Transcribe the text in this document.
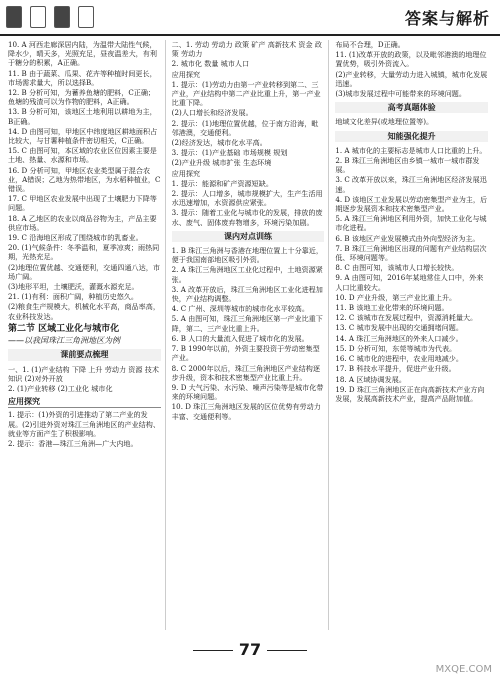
答案与解析

10. A 河西走廊深居内陆，为温带大陆性气候，降水少，晴天多，光照充足，昼夜温差大，有利于糖分的积累，A正确。

11. B 由于蔬菜、瓜果、花卉等种植时间更长，市场需求量大，所以选择B。

12. B 分析可知，为蓄养鱼塘的肥料，C正确；鱼塘的残渣可以为作物的肥料，A正确。

13. B 分析可知，该地区土地利用以耕地为主，B正确。

14. D 由图可知，甲地区中纬度地区耕地面积占比较大，与甘薯种植条件密切相关，C正确。

15. C 由图可知，本区域的农业区位因素主要是土地、热量、水源和市场。

16. D 分析可知，甲地区农业类型属于混合农业，A错误；乙地为热带地区，为水稻种植业，C错误。

17. C 甲地区农业发展中出现了土壤肥力下降等问题。

18. A 乙地区的农业以商品谷物为主，产品主要供应市场。

19. C 沿海地区形成了围绕城市的乳畜业。

20. (1)气候条件：冬季温和，夏季凉爽；雨热同期，光热充足。

(2)地理位置优越、交通便利，交通四通八达，市场广阔。

(3)地形平坦，土壤肥沃，灌溉水源充足。

21. (1)有利：面积广阔，种植历史悠久。

(2)粮食生产规模大，机械化水平高，商品率高，农业科技发达。

第二节 区域工业化与城市化
——以我国珠江三角洲地区为例
课前要点梳理

一、1. (1)产业结构 下降 上升 劳动力 资源 技术 知识 (2)对外开放

2. (1)产业转移 (2)工业化 城市化

应用探究

1. 提示：(1)外资的引进推动了第二产业的发展。(2)引进外资对珠江三角洲地区的产业结构、就业等方面产生了积极影响。

2. 提示：香港—珠江三角洲—广大内地。

二、1. 劳动 劳动力 政策 矿产 高新技术 资金 政策 劳动力

2. 城市化 数量 城市人口

应用探究

1. 提示：(1)劳动力由第一产业转移到第二、三产业，产业结构中第二产业比重上升，第一产业比重下降。

(2)人口增长和经济发展。

2. 提示：(1)地理位置优越，位于南方沿海，毗邻港澳，交通便利。

(2)经济发达，城市化水平高。

3. 提示：(1)产业基础 市场规模 规划

(2)产业升级 城市扩张 生态环境

应用探究

1. 提示：能源和矿产资源短缺。

2. 提示：人口增多，城市规模扩大，生产生活用水迅速增加，水资源供应紧张。

3. 提示：随着工业化与城市化的发展，排放的废水、废气、固体废弃物增多，环境污染加剧。

课内对点训练

1. B 珠江三角洲与香港在地理位置上十分靠近，便于我国南部地区吸引外资。

2. A 珠江三角洲地区工业化过程中，土地资源紧张。

3. A 改革开放后，珠江三角洲地区工业化进程加快，产业结构调整。

4. C 广州、深圳等城市的城市化水平较高。

5. A 由图可知，珠江三角洲地区第一产业比重下降，第二、三产业比重上升。

6. B 人口的大量流入促进了城市化的发展。

7. B 1990年以前，外资主要投资于劳动密集型产业。

8. C 2000年以后，珠江三角洲地区产业结构逐步升级，资本和技术密集型产业比重上升。

9. D 大气污染、水污染、噪声污染等是城市化带来的环境问题。

10. D 珠江三角洲地区发展的区位优势有劳动力丰富、交通便利等。

布局不合理，D正确。

11. (1)改革开放的政策，以及毗邻港澳的地理位置优势，吸引外资流入。

(2)产业转移，大量劳动力进入城镇，城市化发展迅速。

(3)城市发展过程中可能带来的环境问题。

高考真题体验

地域文化差异(或地理位置等)。

知能强化提升

1. A 城市化的主要标志是城市人口比重的上升。

2. B 珠江三角洲地区由乡镇一城市一城市群发展。

3. C 改革开放以来，珠江三角洲地区经济发展迅速。

4. D 该地区工业发展以劳动密集型产业为主，后期逐步发展资本和技术密集型产业。

5. A 珠江三角洲地区利用外资，加快工业化与城市化进程。

6. B 该地区产业发展模式由外向型经济为主。

7. B 珠江三角洲地区出现的问题有产业结构层次低、环境问题等。

8. C 由图可知，该城市人口增长较快。

9. A 由图可知，2016年某地常住人口中，外来人口比重较大。

10. D 产业升级，第三产业比重上升。

11. B 该地工业化带来的环境问题。

12. C 该城市在发展过程中，资源消耗量大。

13. C 城市发展中出现的交通拥堵问题。

14. A 珠江三角洲地区的外来人口减少。

15. D 分析可知，东莞等城市为代表。

16. C 城市化的进程中，农业用地减少。

17. B 科技水平提升，促进产业升级。

18. A 区域协调发展。

19. D 珠江三角洲地区正在向高新技术产业方向发展，发展高新技术产业，提高产品附加值。

77
MXQE.COM
